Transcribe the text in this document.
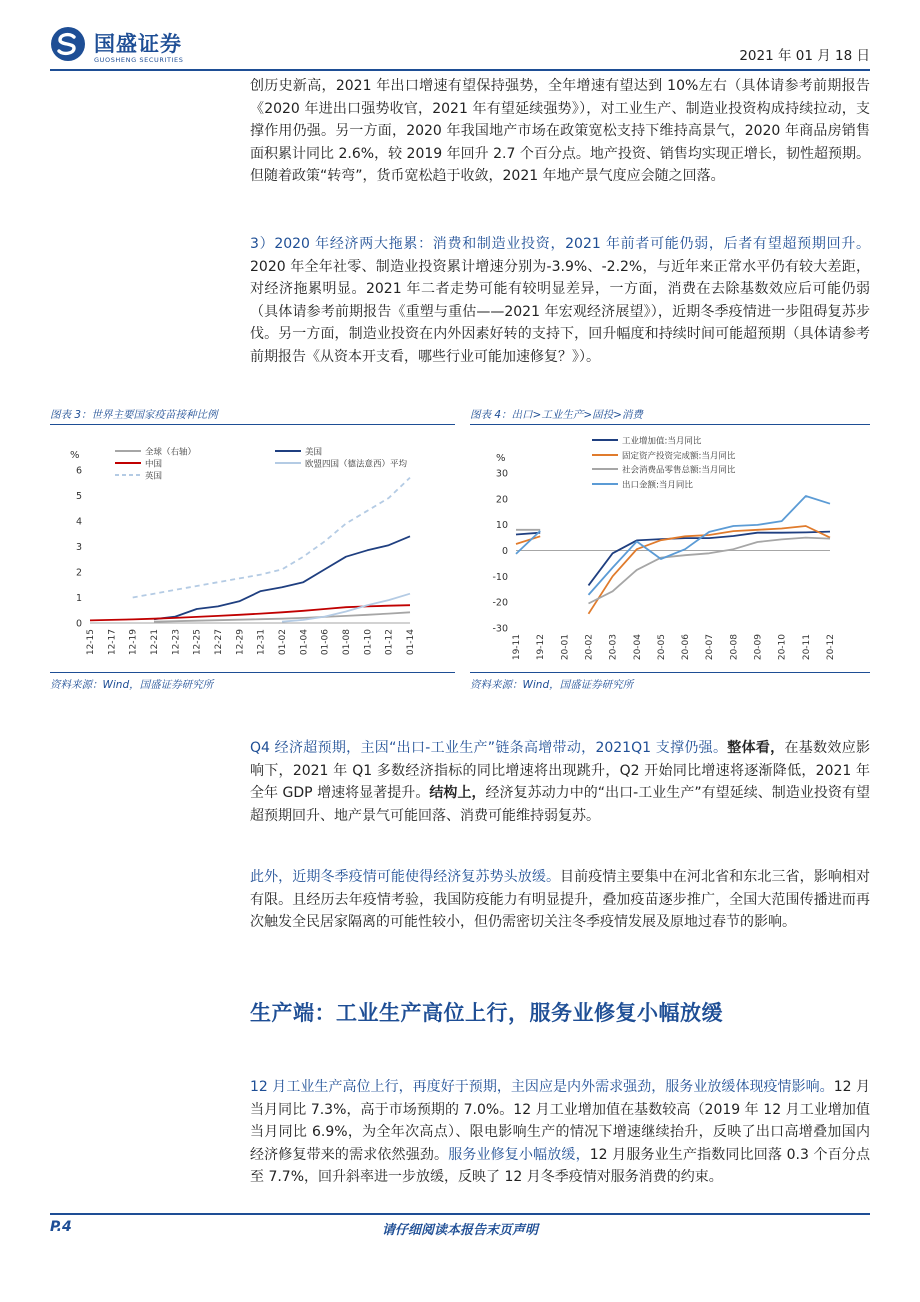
国盛证券
GUOSHENG SECURITIES	2021 年 01 月 18 日
创历史新高，2021 年出口增速有望保持强势，全年增速有望达到 10%左右（具体请参考前期报告《2020 年进出口强势收官，2021 年有望延续强势》），对工业生产、制造业投资构成持续拉动，支撑作用仍强。另一方面，2020 年我国地产市场在政策宽松支持下维持高景气，2020 年商品房销售面积累计同比 2.6%，较 2019 年回升 2.7 个百分点。地产投资、销售均实现正增长，韧性超预期。但随着政策“转弯”，货币宽松趋于收敛，2021 年地产景气度应会随之回落。
3）2020 年经济两大拖累：消费和制造业投资，2021 年前者可能仍弱，后者有望超预期回升。2020 年全年社零、制造业投资累计增速分别为-3.9%、-2.2%，与近年来正常水平仍有较大差距，对经济拖累明显。2021 年二者走势可能有较明显差异，一方面，消费在去除基数效应后可能仍弱（具体请参考前期报告《重塑与重估——2021 年宏观经济展望》），近期冬季疫情进一步阻碍复苏步伐。另一方面，制造业投资在内外因素好转的支持下，回升幅度和持续时间可能超预期（具体请参考前期报告《从资本开支看，哪些行业可能加速修复？》）。
图表 3：世界主要国家疫苗接种比例
%
0
1
2
3
4
5
6
12-15 12-17 12-19 12-21 12-23 12-25 12-27 12-29 12-31 01-02 01-04 01-06 01-08 01-10 01-12 01-14
全球（右轴）	美国
中国	欧盟四国（德法意西）平均
英国
资料来源：Wind，国盛证券研究所
图表 4：出口>工业生产>固投>消费
%
-30
-20
-10
0
10
20
30
19-11 19-12 20-01 20-02 20-03 20-04 20-05 20-06 20-07 20-08 20-09 20-10 20-11 20-12
工业增加值:当月同比
固定资产投资完成额:当月同比
社会消费品零售总额:当月同比
出口金额:当月同比
资料来源：Wind，国盛证券研究所
Q4 经济超预期，主因“出口-工业生产”链条高增带动，2021Q1 支撑仍强。整体看，在基数效应影响下，2021 年 Q1 多数经济指标的同比增速将出现跳升，Q2 开始同比增速将逐渐降低，2021 年全年 GDP 增速将显著提升。结构上，经济复苏动力中的“出口-工业生产”有望延续、制造业投资有望超预期回升、地产景气可能回落、消费可能维持弱复苏。
此外，近期冬季疫情可能使得经济复苏势头放缓。目前疫情主要集中在河北省和东北三省，影响相对有限。且经历去年疫情考验，我国防疫能力有明显提升，叠加疫苗逐步推广，全国大范围传播进而再次触发全民居家隔离的可能性较小，但仍需密切关注冬季疫情发展及原地过春节的影响。
生产端：工业生产高位上行，服务业修复小幅放缓
12 月工业生产高位上行，再度好于预期，主因应是内外需求强劲，服务业放缓体现疫情影响。12 月当月同比 7.3%，高于市场预期的 7.0%。12 月工业增加值在基数较高（2019 年 12 月工业增加值当月同比 6.9%，为全年次高点）、限电影响生产的情况下增速继续抬升，反映了出口高增叠加国内经济修复带来的需求依然强劲。服务业修复小幅放缓，12 月服务业生产指数同比回落 0.3 个百分点至 7.7%，回升斜率进一步放缓，反映了 12 月冬季疫情对服务消费的约束。
P.4	请仔细阅读本报告末页声明
